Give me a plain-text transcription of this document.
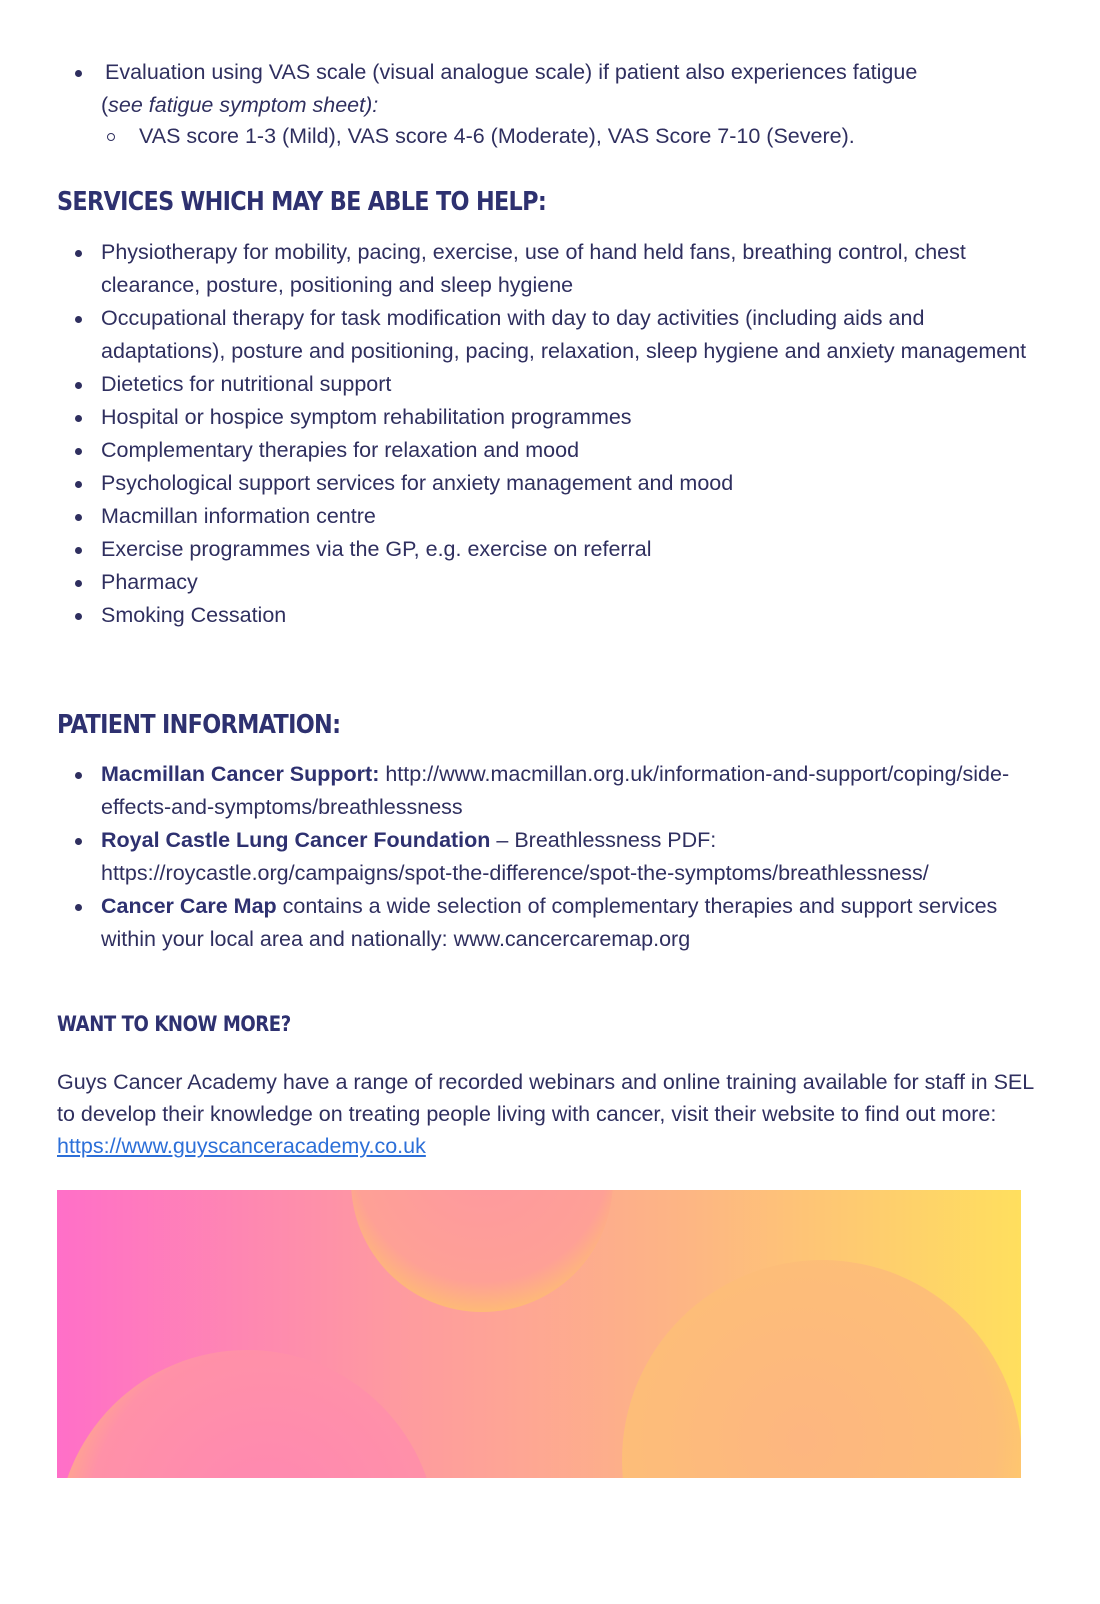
Evaluation using VAS scale (visual analogue scale) if patient also experiences fatigue
(see fatigue symptom sheet):
VAS score 1-3 (Mild), VAS score 4-6 (Moderate), VAS Score 7-10 (Severe).
SERVICES WHICH MAY BE ABLE TO HELP:
Physiotherapy for mobility, pacing, exercise, use of hand held fans, breathing control, chest clearance, posture, positioning and sleep hygiene
Occupational therapy for task modification with day to day activities (including aids and adaptations), posture and positioning, pacing, relaxation, sleep hygiene and anxiety management
Dietetics for nutritional support
Hospital or hospice symptom rehabilitation programmes
Complementary therapies for relaxation and mood
Psychological support services for anxiety management and mood
Macmillan information centre
Exercise programmes via the GP, e.g. exercise on referral
Pharmacy
Smoking Cessation
PATIENT INFORMATION:
Macmillan Cancer Support: http://www.macmillan.org.uk/information-and-support/coping/side-effects-and-symptoms/breathlessness
Royal Castle Lung Cancer Foundation – Breathlessness PDF: https://roycastle.org/campaigns/spot-the-difference/spot-the-symptoms/breathlessness/
Cancer Care Map contains a wide selection of complementary therapies and support services within your local area and nationally: www.cancercaremap.org
WANT TO KNOW MORE?

Guys Cancer Academy have a range of recorded webinars and online training available for staff in SEL to develop their knowledge on treating people living with cancer, visit their website to find out more: https://www.guyscanceracademy.co.uk
